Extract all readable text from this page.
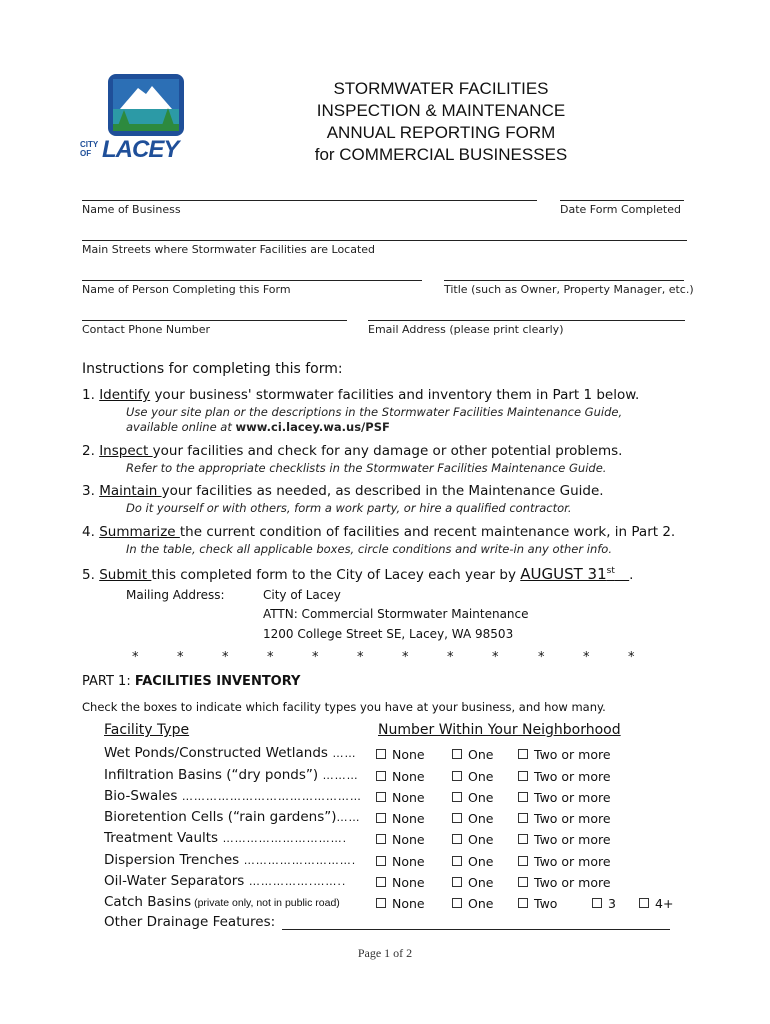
CITY OF LACEY
STORMWATER FACILITIES
INSPECTION & MAINTENANCE
ANNUAL REPORTING FORM
for COMMERCIAL BUSINESSES
Name of Business	Date Form Completed
Main Streets where Stormwater Facilities are Located
Name of Person Completing this Form	Title (such as Owner, Property Manager, etc.)
Contact Phone Number	Email Address (please print clearly)
Instructions for completing this form:
1. Identify your business' stormwater facilities and inventory them in Part 1 below.
Use your site plan or the descriptions in the Stormwater Facilities Maintenance Guide,
available online at www.ci.lacey.wa.us/PSF
2. Inspect your facilities and check for any damage or other potential problems.
Refer to the appropriate checklists in the Stormwater Facilities Maintenance Guide.
3. Maintain your facilities as needed, as described in the Maintenance Guide.
Do it yourself or with others, form a work party, or hire a qualified contractor.
4. Summarize the current condition of facilities and recent maintenance work, in Part 2.
In the table, check all applicable boxes, circle conditions and write-in any other info.
5. Submit this completed form to the City of Lacey each year by AUGUST 31st .
Mailing Address:	City of Lacey
ATTN: Commercial Stormwater Maintenance
1200 College Street SE, Lacey, WA 98503
*	*	*	*	*	*	*	*	*	*	*	*
PART 1: FACILITIES INVENTORY
Check the boxes to indicate which facility types you have at your business, and how many.
Facility Type	Number Within Your Neighborhood
Wet Ponds/Constructed Wetlands ……	None	One	Two or more
Infiltration Basins (“dry ponds”) ………	None	One	Two or more
Bio-Swales ………………………………………	None	One	Two or more
Bioretention Cells (“rain gardens”)……	None	One	Two or more
Treatment Vaults ………………………….	None	One	Two or more
Dispersion Trenches ……………………….	None	One	Two or more
Oil-Water Separators …………….……..	None	One	Two or more
Catch Basins (private only, not in public road)	None	One	Two	3	4+
Other Drainage Features:
Page 1 of 2
